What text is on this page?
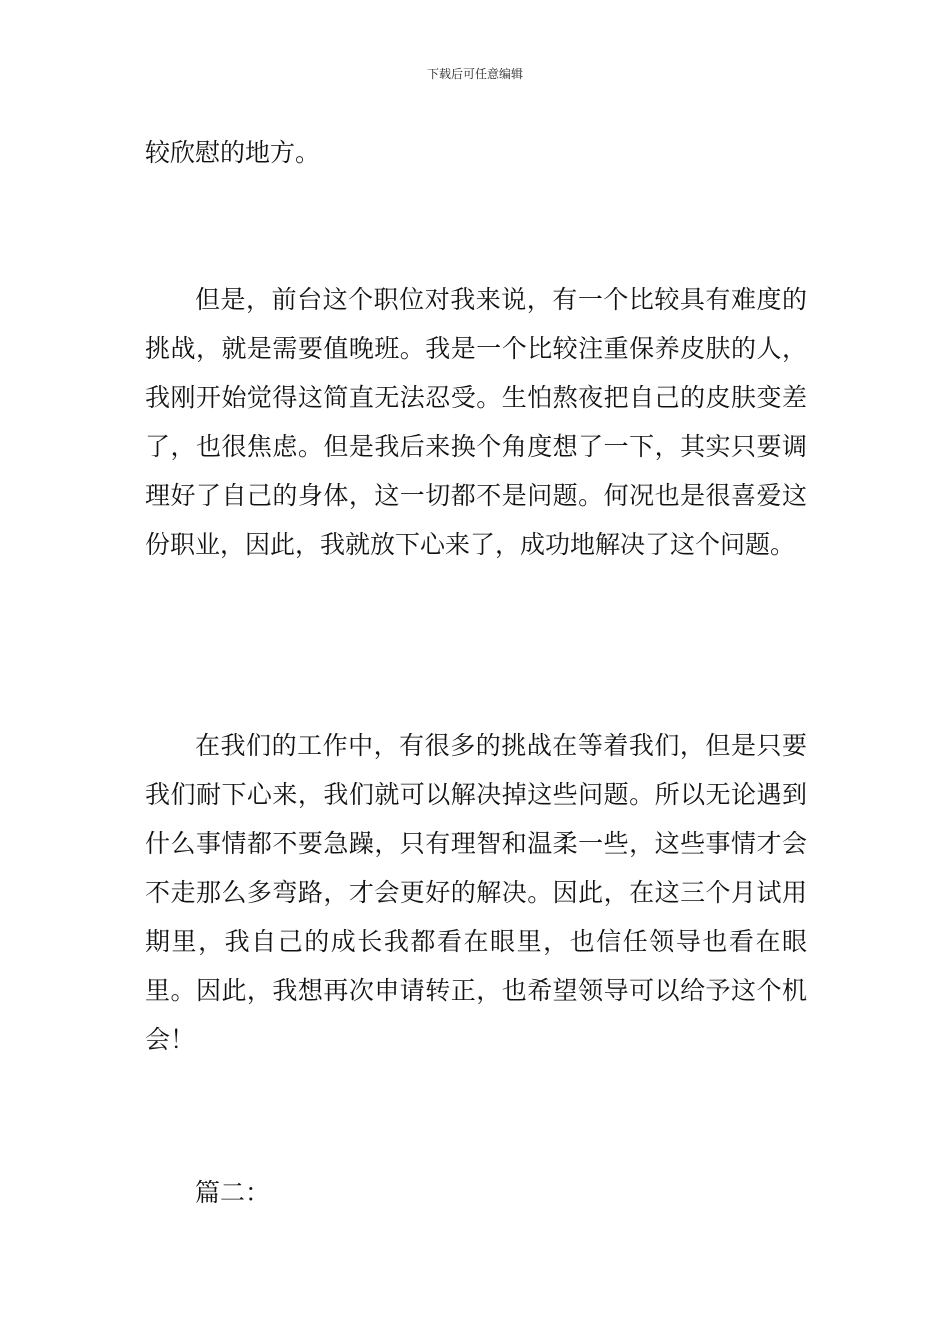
下载后可任意编辑

较欣慰的地方。

但是，前台这个职位对我来说，有一个比较具有难度的挑战，就是需要值晚班。我是一个比较注重保养皮肤的人，我刚开始觉得这简直无法忍受。生怕熬夜把自己的皮肤变差了，也很焦虑。但是我后来换个角度想了一下，其实只要调理好了自己的身体，这一切都不是问题。何况也是很喜爱这份职业，因此，我就放下心来了，成功地解决了这个问题。

在我们的工作中，有很多的挑战在等着我们，但是只要我们耐下心来，我们就可以解决掉这些问题。所以无论遇到什么事情都不要急躁，只有理智和温柔一些，这些事情才会不走那么多弯路，才会更好的解决。因此，在这三个月试用期里，我自己的成长我都看在眼里，也信任领导也看在眼里。因此，我想再次申请转正，也希望领导可以给予这个机会！

篇二：
